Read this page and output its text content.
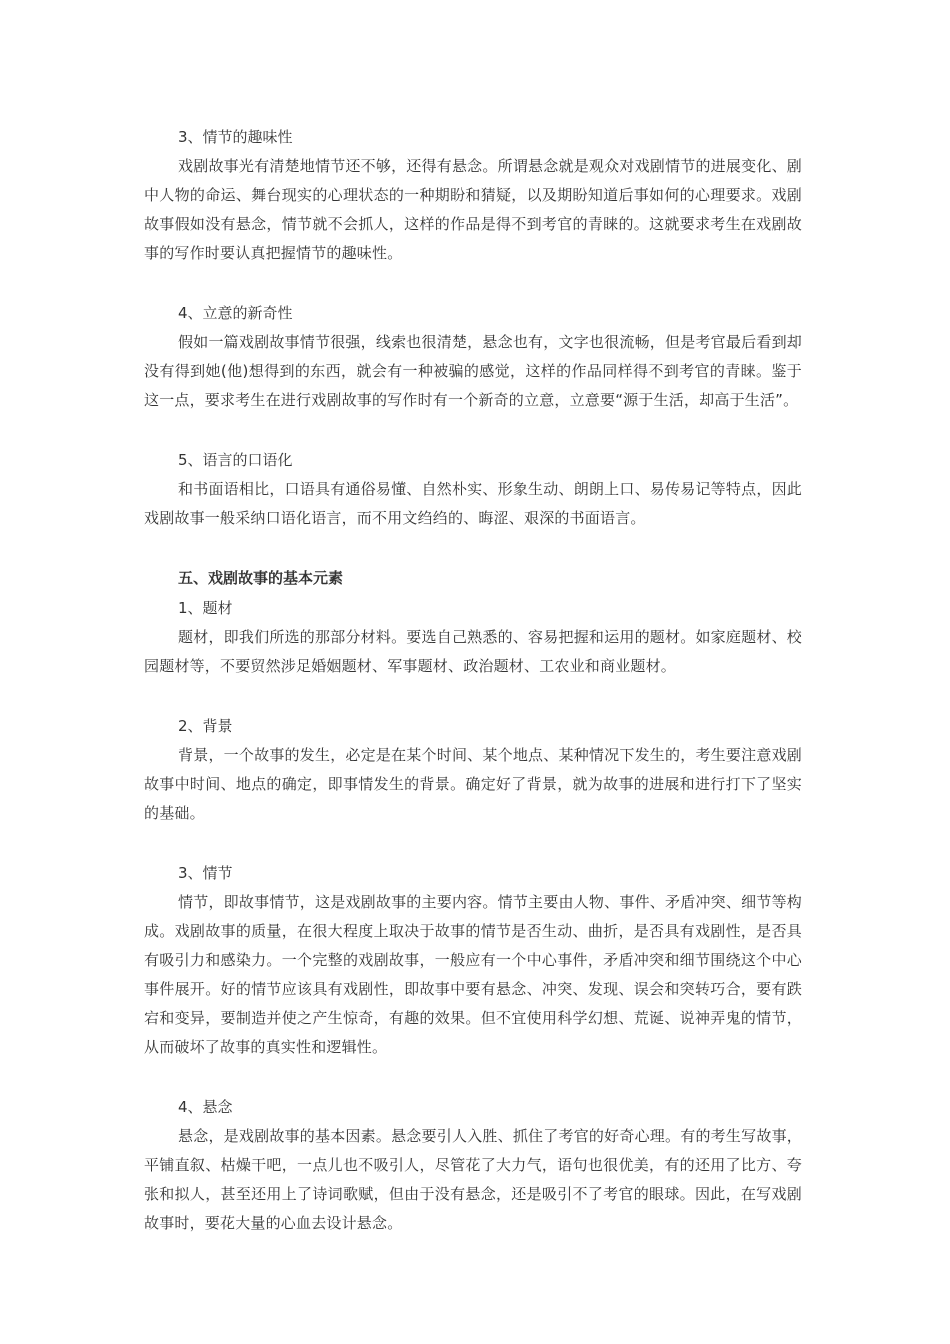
3、情节的趣味性

戏剧故事光有清楚地情节还不够，还得有悬念。所谓悬念就是观众对戏剧情节的进展变化、剧中人物的命运、舞台现实的心理状态的一种期盼和猜疑，以及期盼知道后事如何的心理要求。戏剧故事假如没有悬念，情节就不会抓人，这样的作品是得不到考官的青睐的。这就要求考生在戏剧故事的写作时要认真把握情节的趣味性。

4、立意的新奇性

假如一篇戏剧故事情节很强，线索也很清楚，悬念也有，文字也很流畅，但是考官最后看到却没有得到她(他)想得到的东西，就会有一种被骗的感觉，这样的作品同样得不到考官的青睐。鉴于这一点，要求考生在进行戏剧故事的写作时有一个新奇的立意，立意要“源于生活，却高于生活”。

5、语言的口语化

和书面语相比，口语具有通俗易懂、自然朴实、形象生动、朗朗上口、易传易记等特点，因此戏剧故事一般采纳口语化语言，而不用文绉绉的、晦涩、艰深的书面语言。

五、戏剧故事的基本元素

1、题材

题材，即我们所选的那部分材料。要选自己熟悉的、容易把握和运用的题材。如家庭题材、校园题材等，不要贸然涉足婚姻题材、军事题材、政治题材、工农业和商业题材。

2、背景

背景，一个故事的发生，必定是在某个时间、某个地点、某种情况下发生的，考生要注意戏剧故事中时间、地点的确定，即事情发生的背景。确定好了背景，就为故事的进展和进行打下了坚实的基础。

3、情节

情节，即故事情节，这是戏剧故事的主要内容。情节主要由人物、事件、矛盾冲突、细节等构成。戏剧故事的质量，在很大程度上取决于故事的情节是否生动、曲折，是否具有戏剧性，是否具有吸引力和感染力。一个完整的戏剧故事，一般应有一个中心事件，矛盾冲突和细节围绕这个中心事件展开。好的情节应该具有戏剧性，即故事中要有悬念、冲突、发现、误会和突转巧合，要有跌宕和变异，要制造并使之产生惊奇，有趣的效果。但不宜使用科学幻想、荒诞、说神弄鬼的情节，从而破坏了故事的真实性和逻辑性。

4、悬念

悬念，是戏剧故事的基本因素。悬念要引人入胜、抓住了考官的好奇心理。有的考生写故事，平铺直叙、枯燥干吧，一点儿也不吸引人，尽管花了大力气，语句也很优美，有的还用了比方、夸张和拟人，甚至还用上了诗词歌赋，但由于没有悬念，还是吸引不了考官的眼球。因此，在写戏剧故事时，要花大量的心血去设计悬念。
